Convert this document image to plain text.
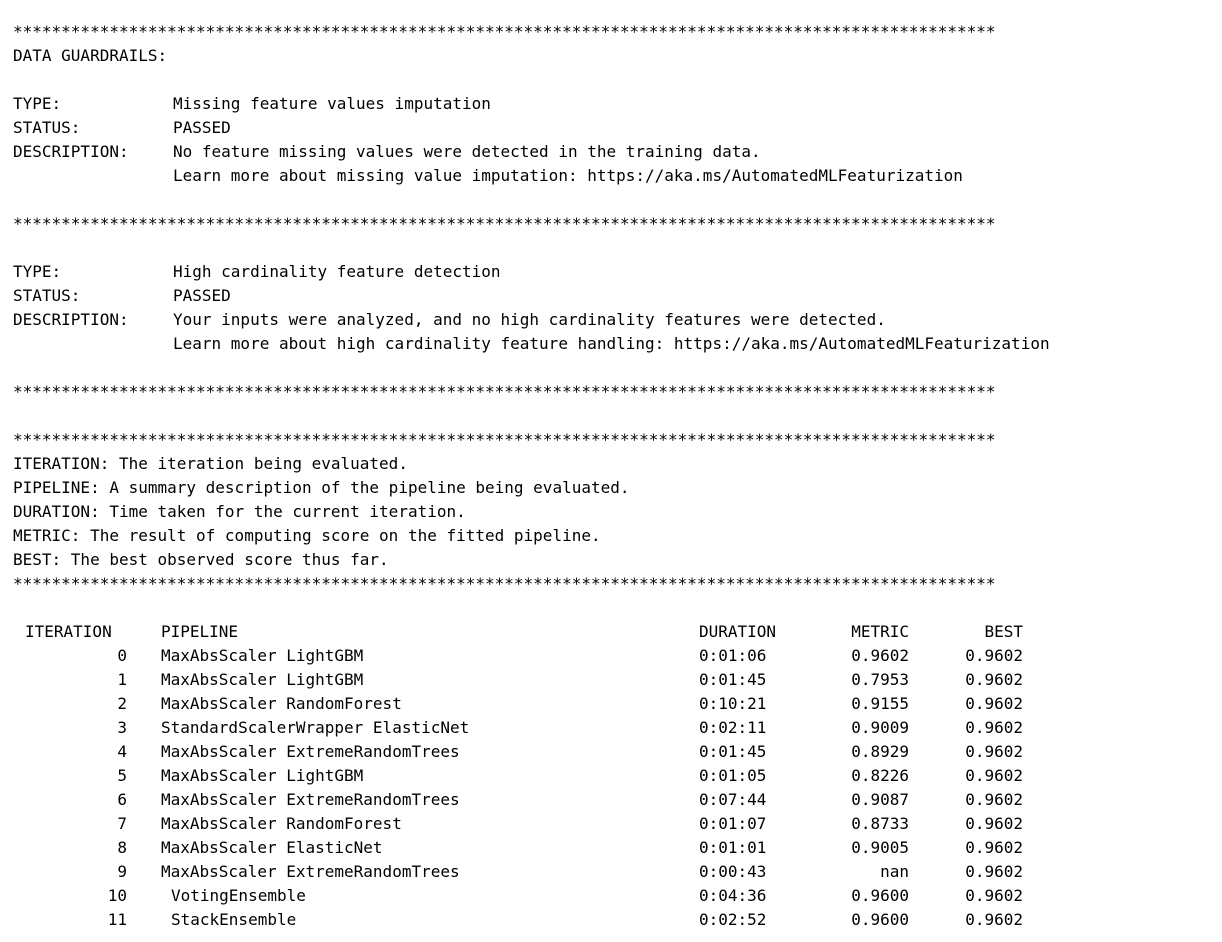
******************************************************************************************************
DATA GUARDRAILS:
TYPE:	Missing feature values imputation
STATUS:	PASSED
DESCRIPTION:	No feature missing values were detected in the training data.
Learn more about missing value imputation: https://aka.ms/AutomatedMLFeaturization
******************************************************************************************************
TYPE:	High cardinality feature detection
STATUS:	PASSED
DESCRIPTION:	Your inputs were analyzed, and no high cardinality features were detected.
Learn more about high cardinality feature handling: https://aka.ms/AutomatedMLFeaturization
******************************************************************************************************
******************************************************************************************************
ITERATION: The iteration being evaluated.
PIPELINE: A summary description of the pipeline being evaluated.
DURATION: Time taken for the current iteration.
METRIC: The result of computing score on the fitted pipeline.
BEST: The best observed score thus far.
******************************************************************************************************
ITERATION	PIPELINE	DURATION	METRIC	BEST
0	MaxAbsScaler LightGBM	0:01:06	0.9602	0.9602
1	MaxAbsScaler LightGBM	0:01:45	0.7953	0.9602
2	MaxAbsScaler RandomForest	0:10:21	0.9155	0.9602
3	StandardScalerWrapper ElasticNet	0:02:11	0.9009	0.9602
4	MaxAbsScaler ExtremeRandomTrees	0:01:45	0.8929	0.9602
5	MaxAbsScaler LightGBM	0:01:05	0.8226	0.9602
6	MaxAbsScaler ExtremeRandomTrees	0:07:44	0.9087	0.9602
7	MaxAbsScaler RandomForest	0:01:07	0.8733	0.9602
8	MaxAbsScaler ElasticNet	0:01:01	0.9005	0.9602
9	MaxAbsScaler ExtremeRandomTrees	0:00:43	nan	0.9602
10	VotingEnsemble	0:04:36	0.9600	0.9602
11	StackEnsemble	0:02:52	0.9600	0.9602
